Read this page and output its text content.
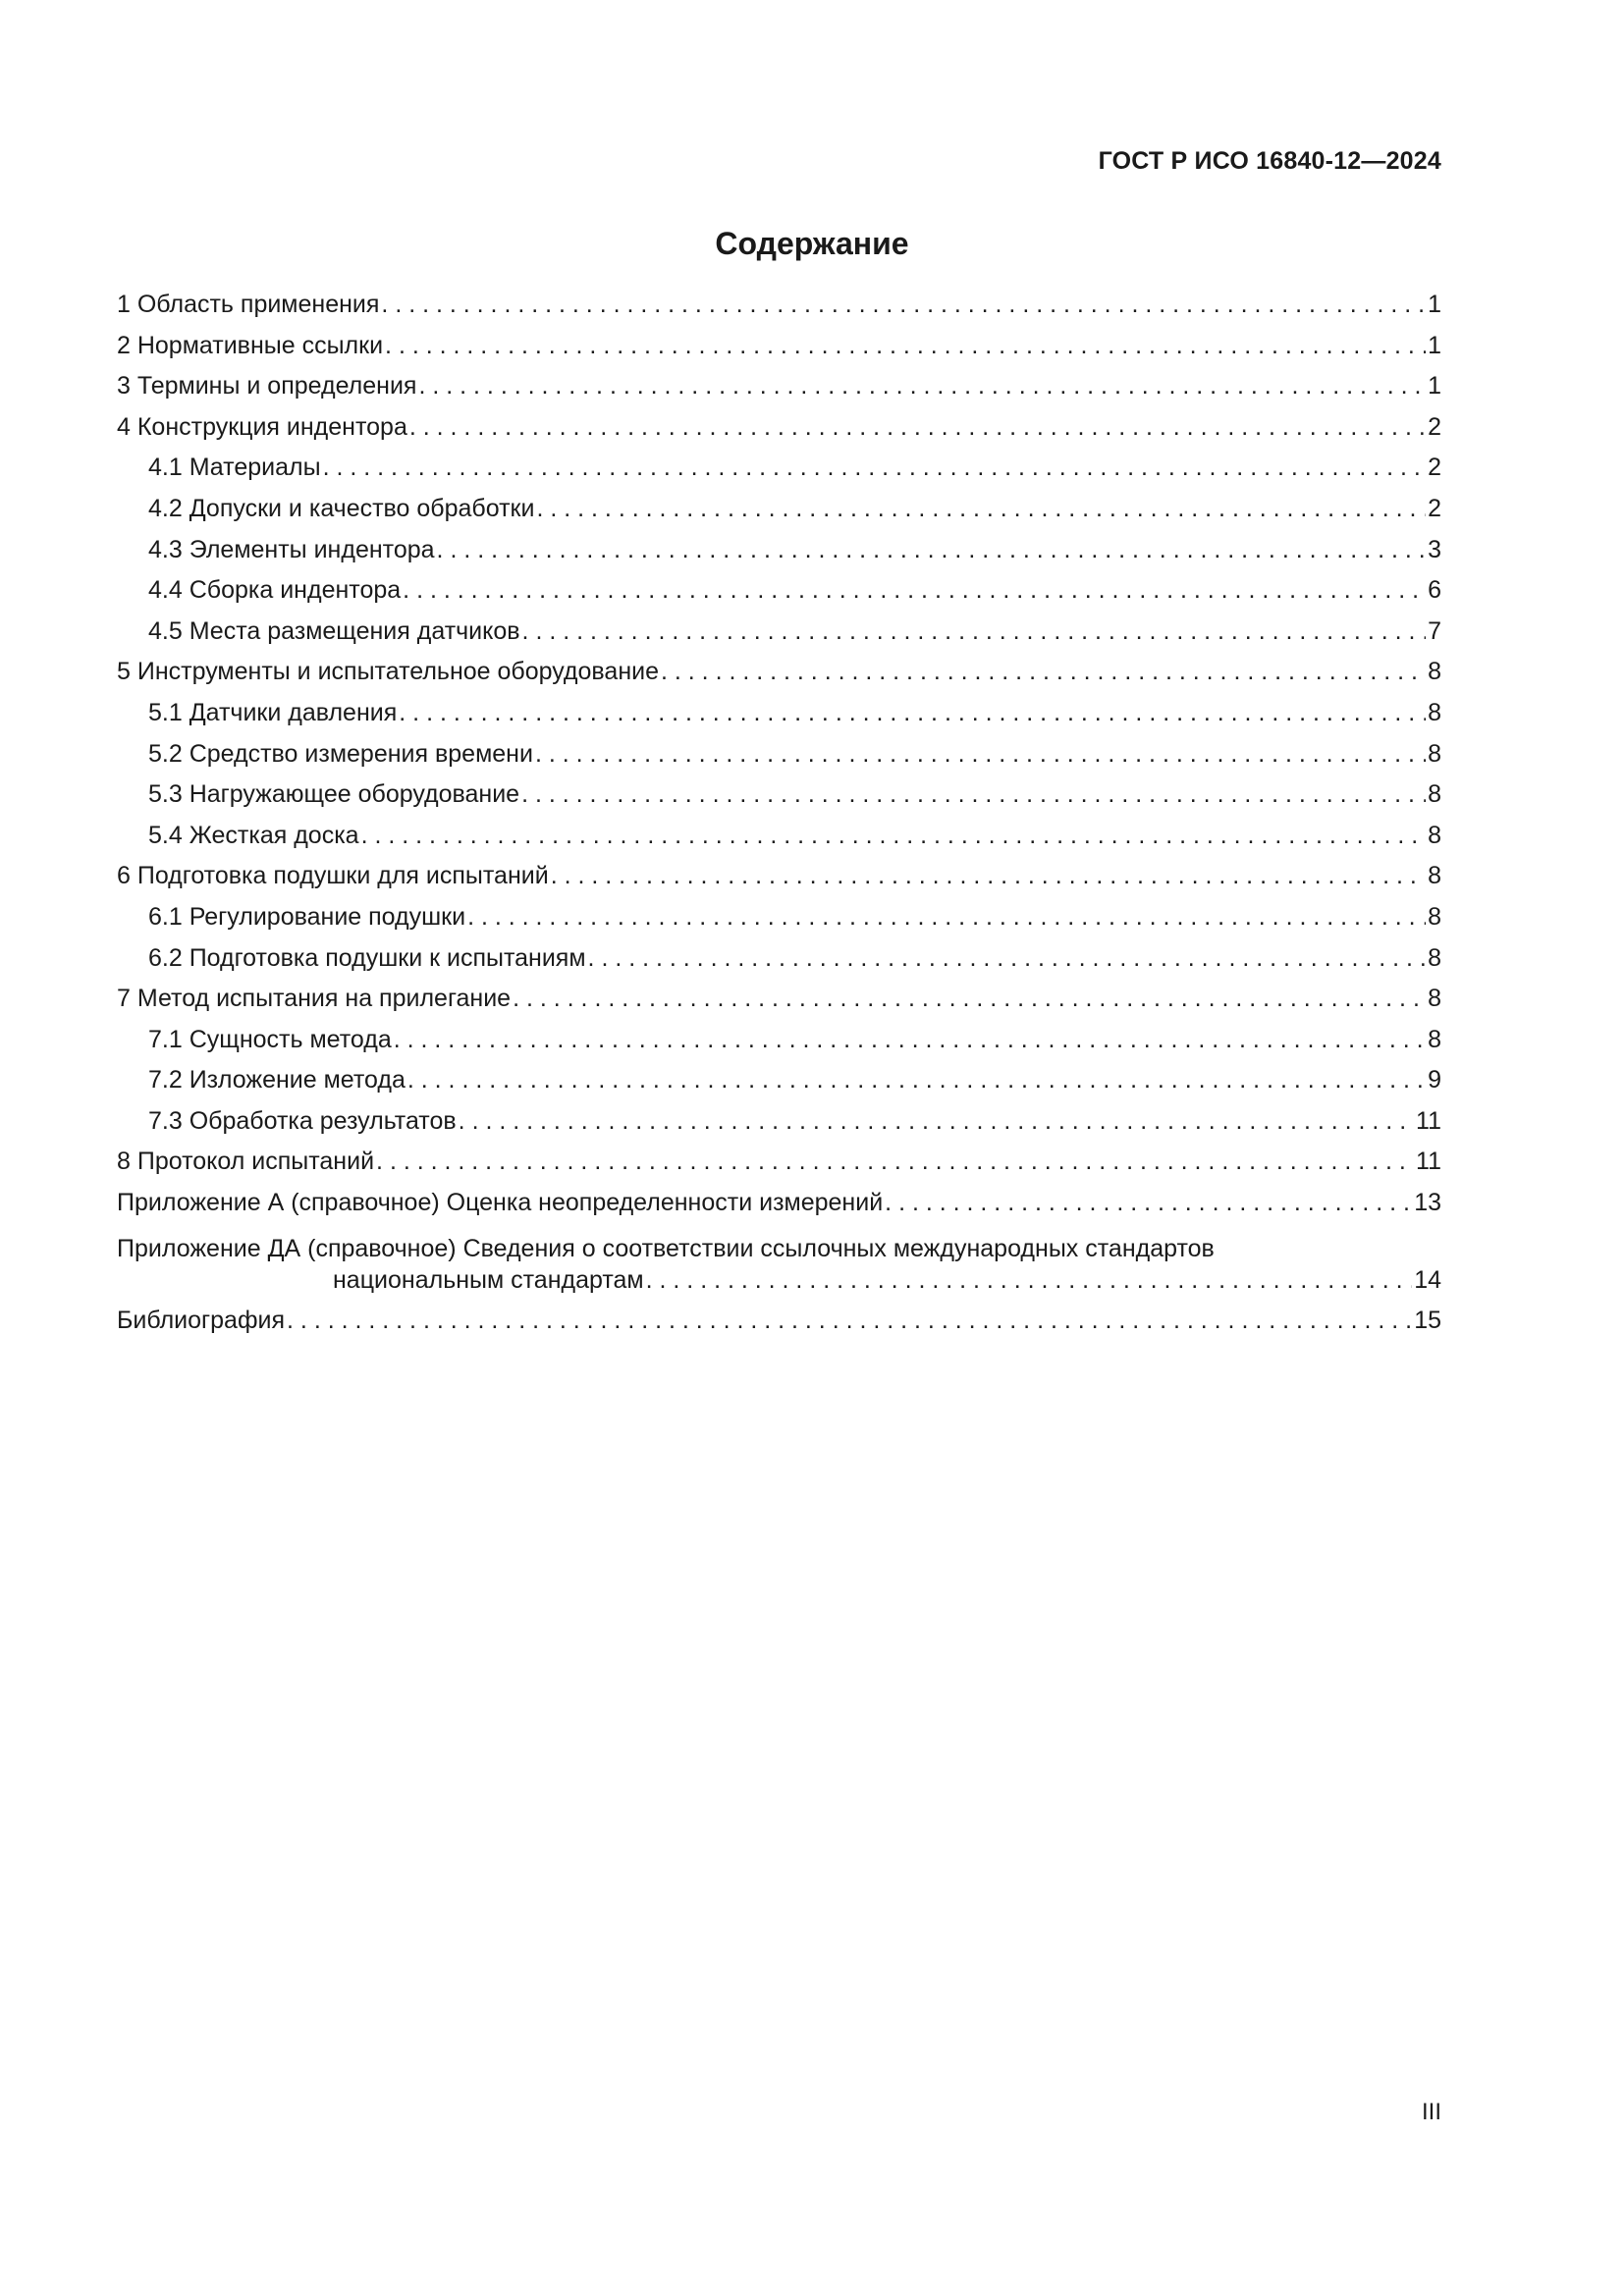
ГОСТ Р ИСО 16840-12—2024
Содержание
1 Область применения . . .	1
2 Нормативные ссылки . . .	1
3 Термины и определения . . .	1
4 Конструкция индентора . . .	2
4.1 Материалы . . .	2
4.2 Допуски и качество обработки . . .	2
4.3 Элементы индентора . . .	3
4.4 Сборка индентора . . .	6
4.5 Места размещения датчиков . . .	7
5 Инструменты и испытательное оборудование . . .	8
5.1 Датчики давления . . .	8
5.2 Средство измерения времени . . .	8
5.3 Нагружающее оборудование . . .	8
5.4 Жесткая доска . . .	8
6 Подготовка подушки для испытаний . . .	8
6.1 Регулирование подушки . . .	8
6.2 Подготовка подушки к испытаниям . . .	8
7 Метод испытания на прилегание . . .	8
7.1 Сущность метода . . .	8
7.2 Изложение метода . . .	9
7.3 Обработка результатов . . .	11
8 Протокол испытаний . . .	11
Приложение А (справочное) Оценка неопределенности измерений . . .	13
Приложение ДА (справочное) Сведения о соответствии ссылочных международных стандартов
национальным стандартам . . .	14
Библиография . . .	15
III
